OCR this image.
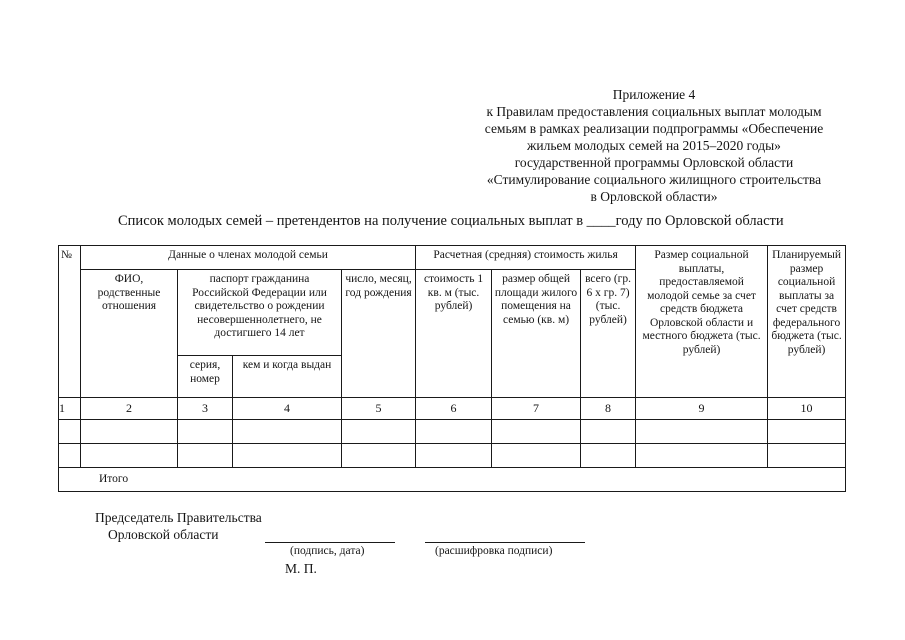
Приложение 4
к Правилам предоставления социальных выплат молодым
семьям в рамках реализации подпрограммы «Обеспечение
жильем молодых семей на 2015–2020 годы»
государственной программы Орловской области
«Стимулирование социального жилищного строительства
в Орловской области»
Список молодых семей – претендентов на получение социальных выплат в ____году по Орловской области
№	Данные о членах молодой семьи				Расчетная (средняя) стоимость жилья			Размер социальной выплаты, предоставляемой молодой семье за счет средств бюджета Орловской области и местного бюджета (тыс. рублей)	Планируемый размер социальной выплаты за счет средств федерального бюджета (тыс. рублей)
	ФИО, родственные отношения	паспорт гражданина Российской Федерации или свидетельство о рождении несовершеннолетнего, не достигшего 14 лет		число, месяц, год рождения	стоимость 1 кв. м (тыс. рублей)	размер общей площади жилого помещения на семью (кв. м)	всего (гр. 6 х гр. 7) (тыс. рублей)		
		серия, номер	кем и когда выдан						
1	2	3	4	5	6	7	8	9	10

Итого									
Председатель Правительства
Орловской области
(подпись, дата)	(расшифровка подписи)
М. П.
